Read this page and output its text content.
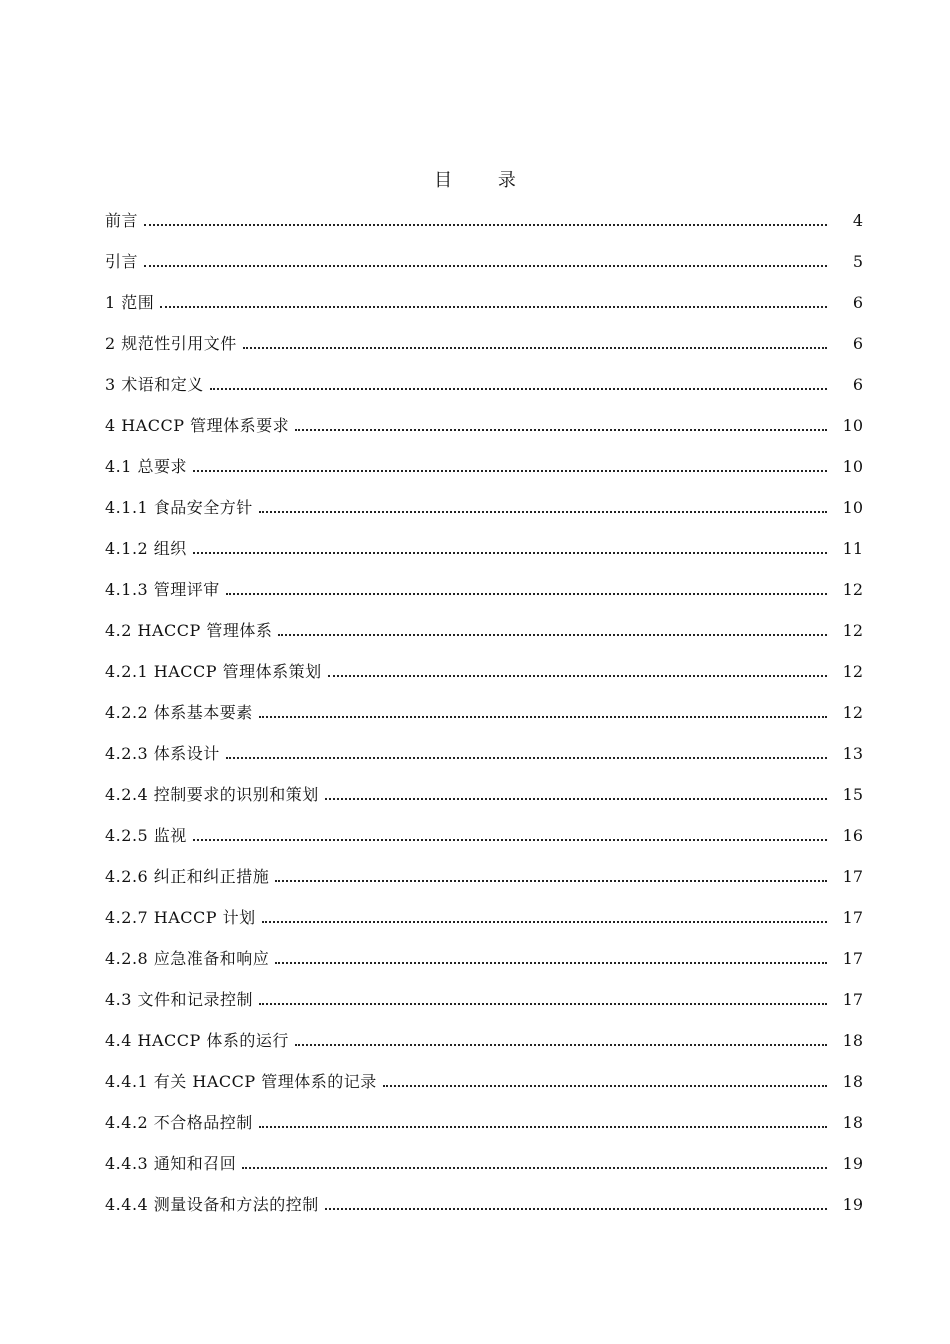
目 录
前言	4
引言	5
1 范围	6
2 规范性引用文件	6
3 术语和定义	6
4 HACCP 管理体系要求	10
4.1 总要求	10
4.1.1 食品安全方针	10
4.1.2 组织	11
4.1.3 管理评审	12
4.2 HACCP 管理体系	12
4.2.1 HACCP 管理体系策划	12
4.2.2 体系基本要素	12
4.2.3 体系设计	13
4.2.4 控制要求的识别和策划	15
4.2.5 监视	16
4.2.6 纠正和纠正措施	17
4.2.7 HACCP 计划	17
4.2.8 应急准备和响应	17
4.3 文件和记录控制	17
4.4 HACCP 体系的运行	18
4.4.1 有关 HACCP 管理体系的记录	18
4.4.2 不合格品控制	18
4.4.3 通知和召回	19
4.4.4 测量设备和方法的控制	19
